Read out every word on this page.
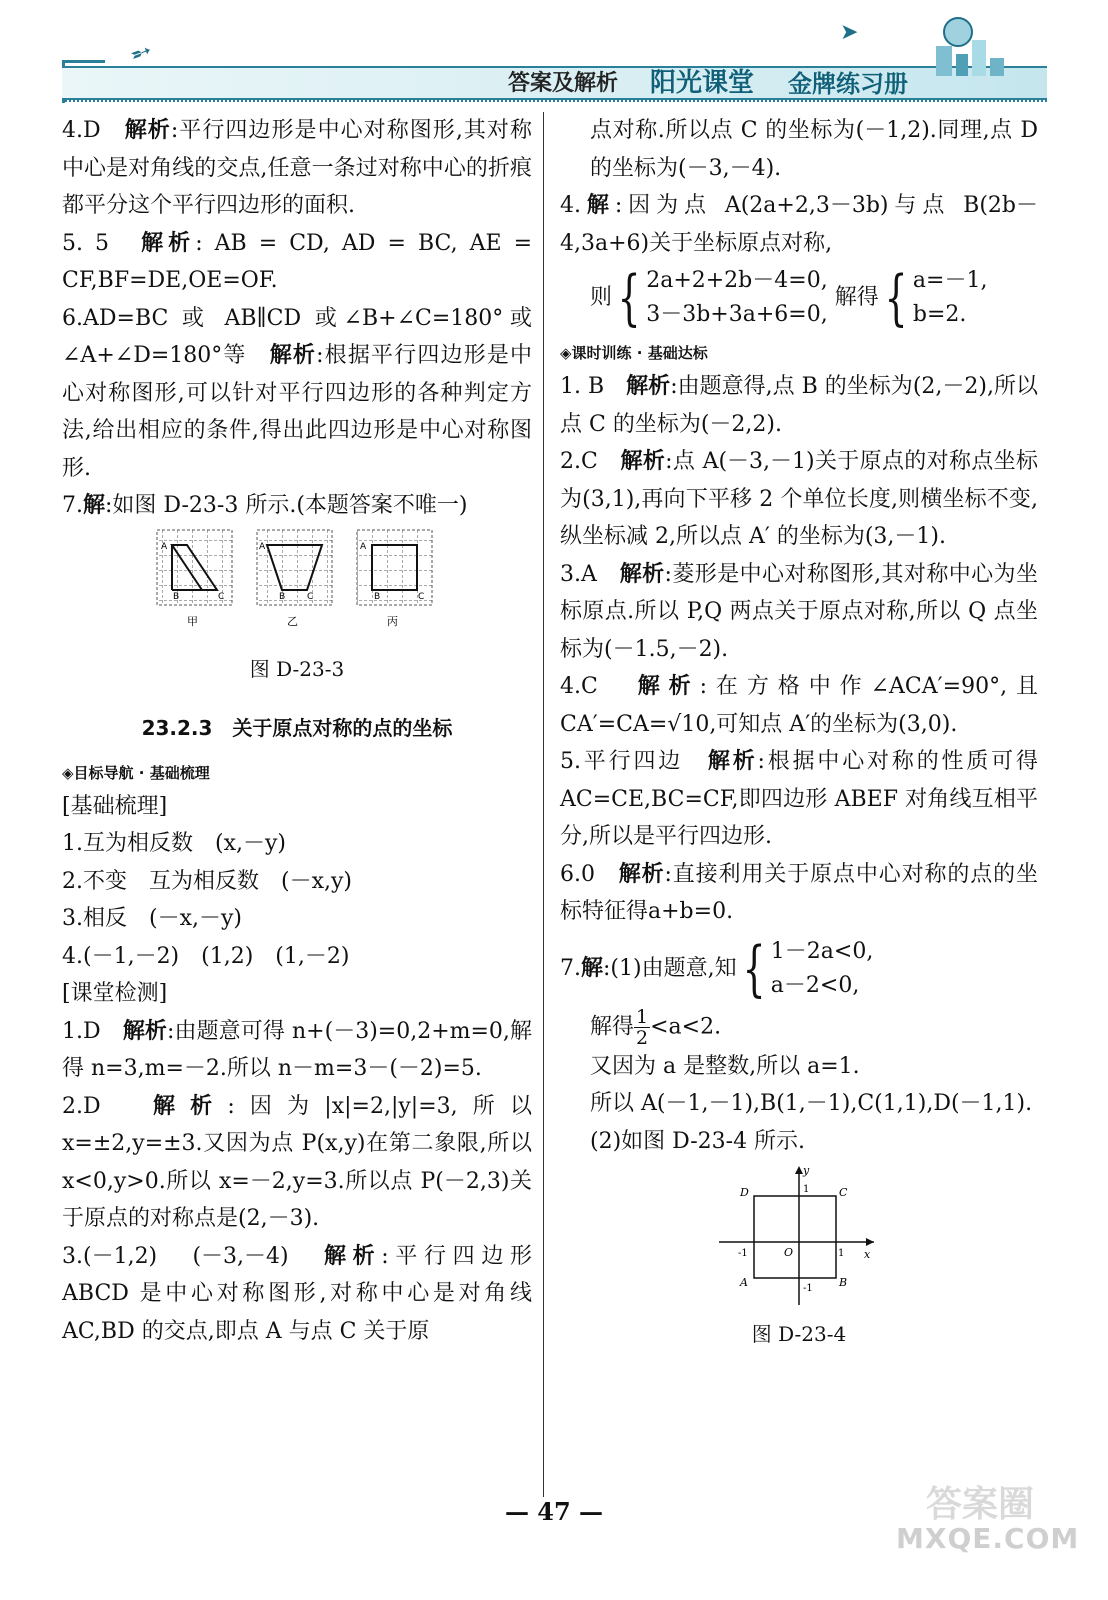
➶
➤
答案及解析 阳光课堂 金牌练习册

4.D　解析:平行四边形是中心对称图形,其对称中心是对角线的交点,任意一条过对称中心的折痕都平分这个平行四边形的面积.

5. 5　解析: AB = CD, AD = BC, AE = CF,BF=DE,OE=OF.

6.AD=BC 或 AB∥CD 或∠B+∠C=180°或∠A+∠D=180°等　解析:根据平行四边形是中心对称图形,可以针对平行四边形的各种判定方法,给出相应的条件,得出此四边形是中心对称图形.

7.解:如图 D-23-3 所示.(本题答案不唯一)

A
B	C
A
B C
A
B	C
甲	乙	丙

图 D-23-3

23.2.3　关于原点对称的点的坐标

◈目标导航 · 基础梳理

[基础梳理]

1.互为相反数　(x,－y)

2.不变　互为相反数　(－x,y)

3.相反　(－x,－y)

4.(－1,－2)　(1,2)　(1,－2)

[课堂检测]

1.D　解析:由题意可得 n+(－3)=0,2+m=0,解得 n=3,m=－2.所以 n－m=3－(－2)=5.

2.D　解析:因为|x|=2,|y|=3,所以 x=±2,y=±3.又因为点 P(x,y)在第二象限,所以 x<0,y>0.所以 x=－2,y=3.所以点 P(－2,3)关于原点的对称点是(2,－3).

3.(－1,2)　(－3,－4)　解析:平行四边形 ABCD 是中心对称图形,对称中心是对角线 AC,BD 的交点,即点 A 与点 C 关于原

点对称.所以点 C 的坐标为(－1,2).同理,点 D 的坐标为(－3,－4).

4.解:因为点 A(2a+2,3－3b)与点 B(2b－4,3a+6)关于坐标原点对称,

则 { 2a+2+2b－4=0,
3－3b+3a+6=0,
解得 { a=－1,
b=2.

◈课时训练 · 基础达标

1. B　解析:由题意得,点 B 的坐标为(2,－2),所以点 C 的坐标为(－2,2).

2.C　解析:点 A(－3,－1)关于原点的对称点坐标为(3,1),再向下平移 2 个单位长度,则横坐标不变,纵坐标减 2,所以点 A′ 的坐标为(3,－1).

3.A　解析:菱形是中心对称图形,其对称中心为坐标原点.所以 P,Q 两点关于原点对称,所以 Q 点坐标为(－1.5,－2).

4.C　解析:在方格中作∠ACA′=90°,且 CA′=CA=√10,可知点 A′的坐标为(3,0).

5.平行四边　解析:根据中心对称的性质可得 AC=CE,BC=CF,即四边形 ABEF 对角线互相平分,所以是平行四边形.

6.0　解析:直接利用关于原点中心对称的点的坐标特征得a+b=0.

7.解:(1)由题意,知 { 1－2a<0,
a－2<0,

解得 $\frac{1}{2} <a<2$.

又因为 a 是整数,所以 a=1.

所以 A(－1,－1),B(1,－1),C(1,1),D(－1,1).

(2)如图 D-23-4 所示.

y
x
O
-1	1
1
-1
A	B
C
D

图 D-23-4

— 47 —	答案圈
MXQE.COM
